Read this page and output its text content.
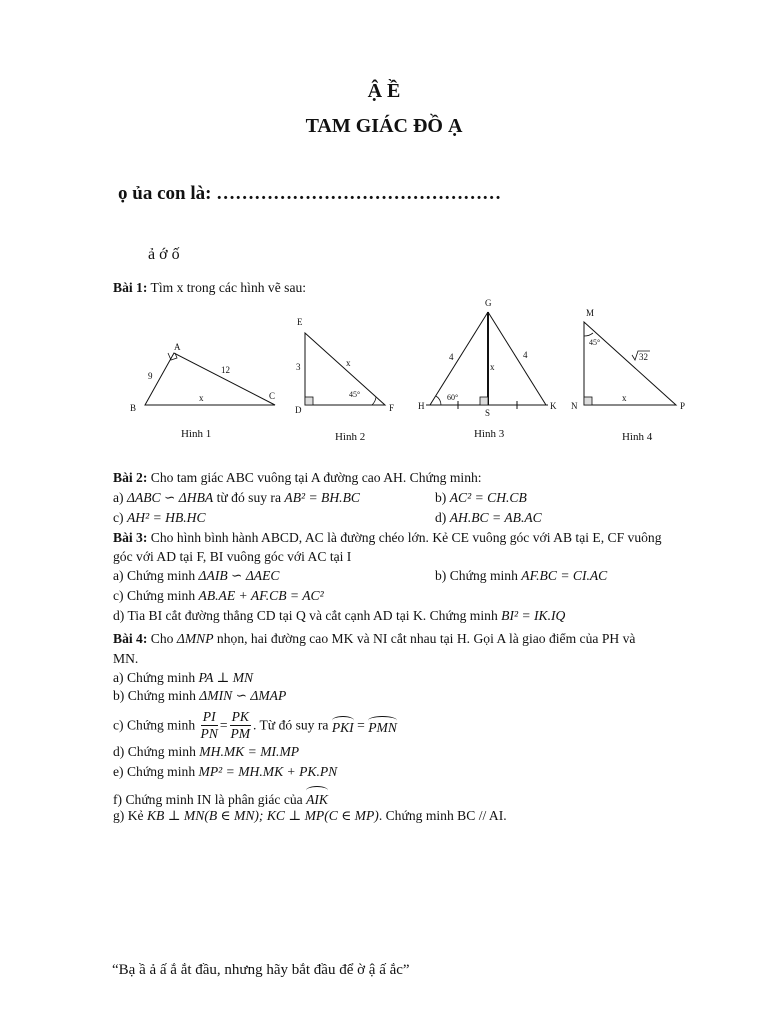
Ậ Ề
TAM GIÁC ĐỒ Ạ
ọ ủa con là: ………………………………………
ả ớ ố
A
B
C
9
12
x
Hình 1
E
D	F
3	x
45°
Hình 2
G
H	K
S
4	4
x
60°
Hình 3
M
N	P
45°
32
x
Hình 4
Bài 1: Tìm x trong các hình vẽ sau:
Bài 2: Cho tam giác ABC vuông tại A đường cao AH. Chứng minh:
a) ΔABC ∽ ΔHBA từ đó suy ra AB² = BH.BC	b) AC² = CH.CB
c) AH² = HB.HC	d) AH.BC = AB.AC
Bài 3: Cho hình bình hành ABCD, AC là đường chéo lớn. Kẻ CE vuông góc với AB tại E, CF vuông
góc với AD tại F, BI vuông góc với AC tại I
a) Chứng minh ΔAIB ∽ ΔAEC	b) Chứng minh AF.BC = CI.AC
c) Chứng minh AB.AE + AF.CB = AC²
d) Tia BI cắt đường thẳng CD tại Q và cắt cạnh AD tại K. Chứng minh BI² = IK.IQ
Bài 4: Cho ΔMNP nhọn, hai đường cao MK và NI cắt nhau tại H. Gọi A là giao điểm của PH và
MN.
a) Chứng minh PA ⊥ MN
b) Chứng minh ΔMIN ∽ ΔMAP
c) Chứng minh $\frac{PI}{PN} = \frac{PK}{PM}$ . Từ đó suy ra PKI = PMN
d) Chứng minh MH.MK = MI.MP
e) Chứng minh MP² = MH.MK + PK.PN
f) Chứng minh IN là phân giác của AIK
g) Kẻ KB ⊥ MN(B ∈ MN); KC ⊥ MP(C ∈ MP). Chứng minh BC // AI.
“Bạ ầ ả ấ ắ ắt đầu, nhưng hãy bắt đầu để ờ ậ ấ ắc”
